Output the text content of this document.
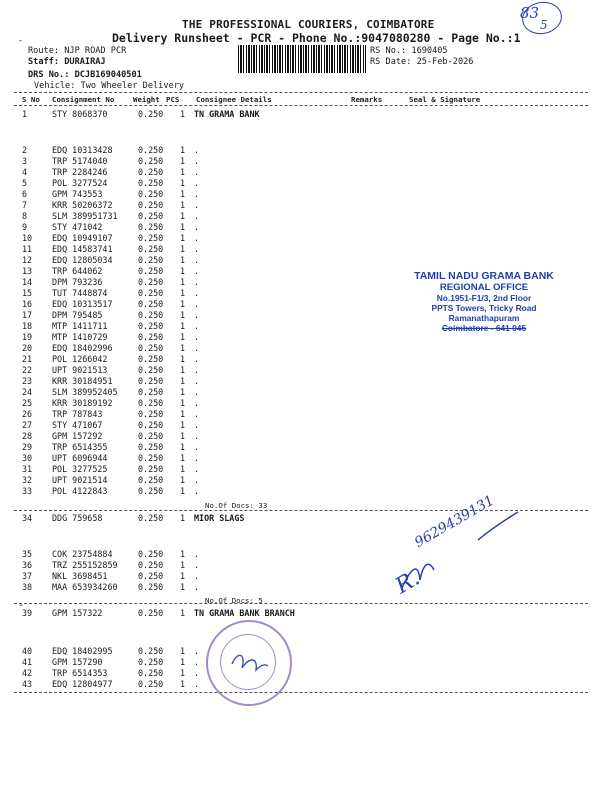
THE PROFESSIONAL COURIERS, COIMBATORE
Delivery Runsheet - PCR - Phone No.:9047080280 - Page No.:1
83
5
-
Route: NJP ROAD PCR
Staff: DURAIRAJ
DRS No.: DCJB169040501
Vehicle: Two Wheeler Delivery
RS No.: 1690405
RS Date: 25-Feb-2026
S No Consignment No	Weight PCS Consignee Details	Remarks	Seal & Signature
1	STY 8068370	0.250 1 TN GRAMA BANK
2	EDQ 10313428	0.250 1 .
3	TRP 5174040	0.250 1 .
4	TRP 2284246	0.250 1 .
5	POL 3277524	0.250 1 .
6	GPM 743553	0.250 1 .
7	KRR 50206372	0.250 1 .
8	SLM 389951731 0.250 1 .
9	STY 471042	0.250 1 .
10 EDQ 10949107	0.250 1 .
11 EDQ 14583741	0.250 1 .
12 EDQ 12805034	0.250 1 .
13 TRP 644062	0.250 1 .
14 DPM 793236	0.250 1 .
15 TUT 7448874	0.250 1 .
16 EDQ 10313517	0.250 1 .
17 DPM 795485	0.250 1 .
18 MTP 1411711	0.250 1 .
19 MTP 1410729	0.250 1 .
20 EDQ 18402996	0.250 1 .
21 POL 1266042	0.250 1 .
22 UPT 9021513	0.250 1 .
23 KRR 30184951	0.250 1 .
24 SLM 389952405 0.250 1 .
25 KRR 30189192	0.250 1 .
26 TRP 787843	0.250 1 .
27 STY 471067	0.250 1 .
28 GPM 157292	0.250 1 .
29 TRP 6514355	0.250 1 .
30 UPT 6096944	0.250 1 .
31 POL 3277525	0.250 1 .
32 UPT 9021514	0.250 1 .
33 POL 4122843	0.250 1 .
34 DDG 759658	0.250 1 MIOR SLAGS
35 COK 23754884	0.250 1 .
36 TRZ 255152859 0.250 1 .
37 NKL 3698451	0.250 1 .
38 MAA 653934260 0.250 1 .
39 GPM 157322	0.250 1 TN GRAMA BANK BRANCH
40 EDQ 18402995	0.250 1 .
41 GPM 157290	0.250 1 .
42 TRP 6514353	0.250 1 .
43 EDQ 12804977	0.250 1 .
No.Of Docs: 33
No.Of Docs: 5
-
TAMIL NADU GRAMA BANK
REGIONAL OFFICE
No.1951-F1/3, 2nd Floor
PPTS Towers, Tricky Road
Ramanathapuram
Coimbatore - 641 045
R.
9629439131
